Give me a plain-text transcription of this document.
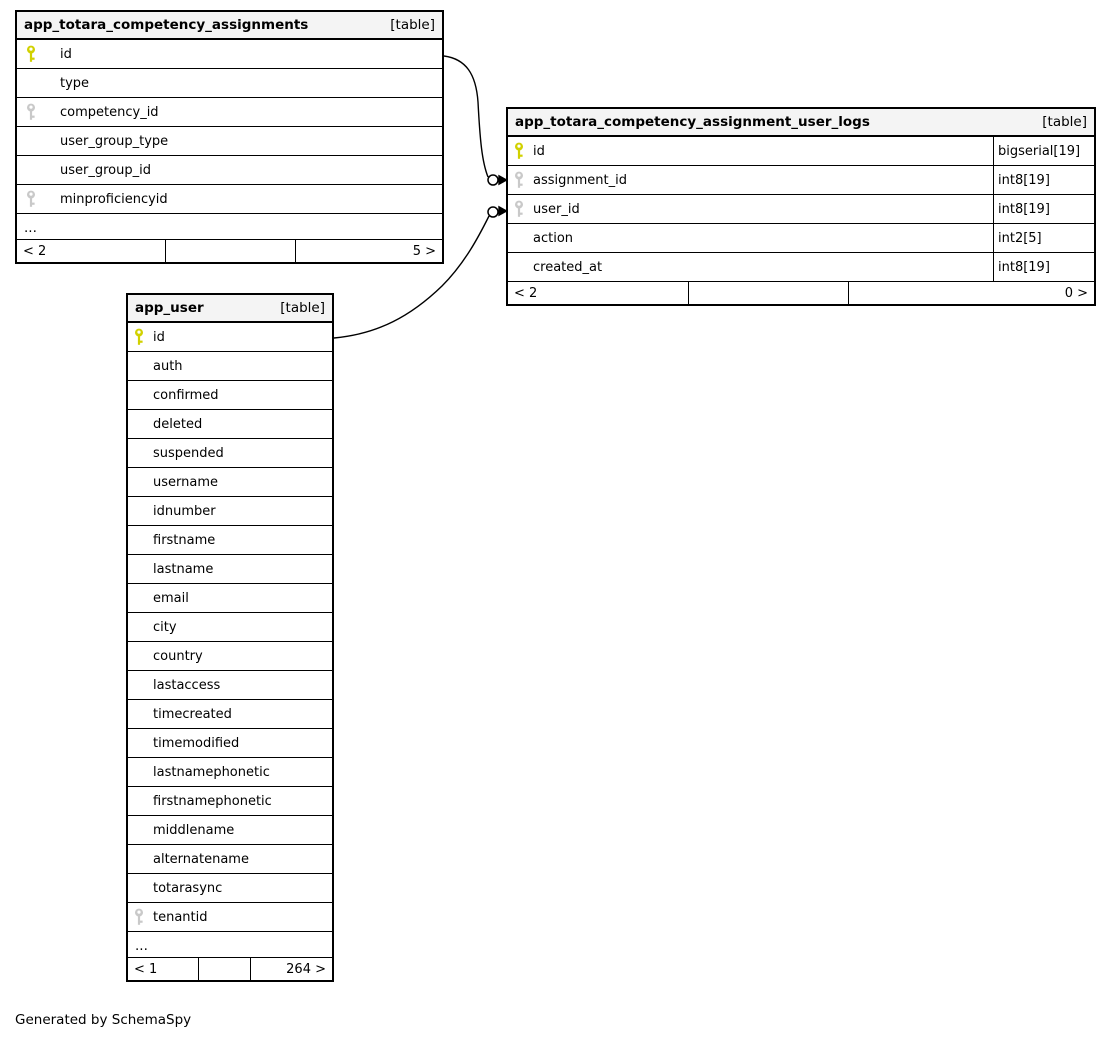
app_totara_competency_assignments	[table]
id
type
competency_id
user_group_type
user_group_id
minproficiencyid
...
< 2	5 >
app_totara_competency_assignment_user_logs	[table]
id	bigserial[19]
assignment_id	int8[19]
user_id	int8[19]
action	int2[5]
created_at	int8[19]
< 2	0 >
app_user	[table]
id
auth
confirmed
deleted
suspended
username
idnumber
firstname
lastname
email
city
country
lastaccess
timecreated
timemodified
lastnamephonetic
firstnamephonetic
middlename
alternatename
totarasync
tenantid
...
< 1	264 >
Generated by SchemaSpy
